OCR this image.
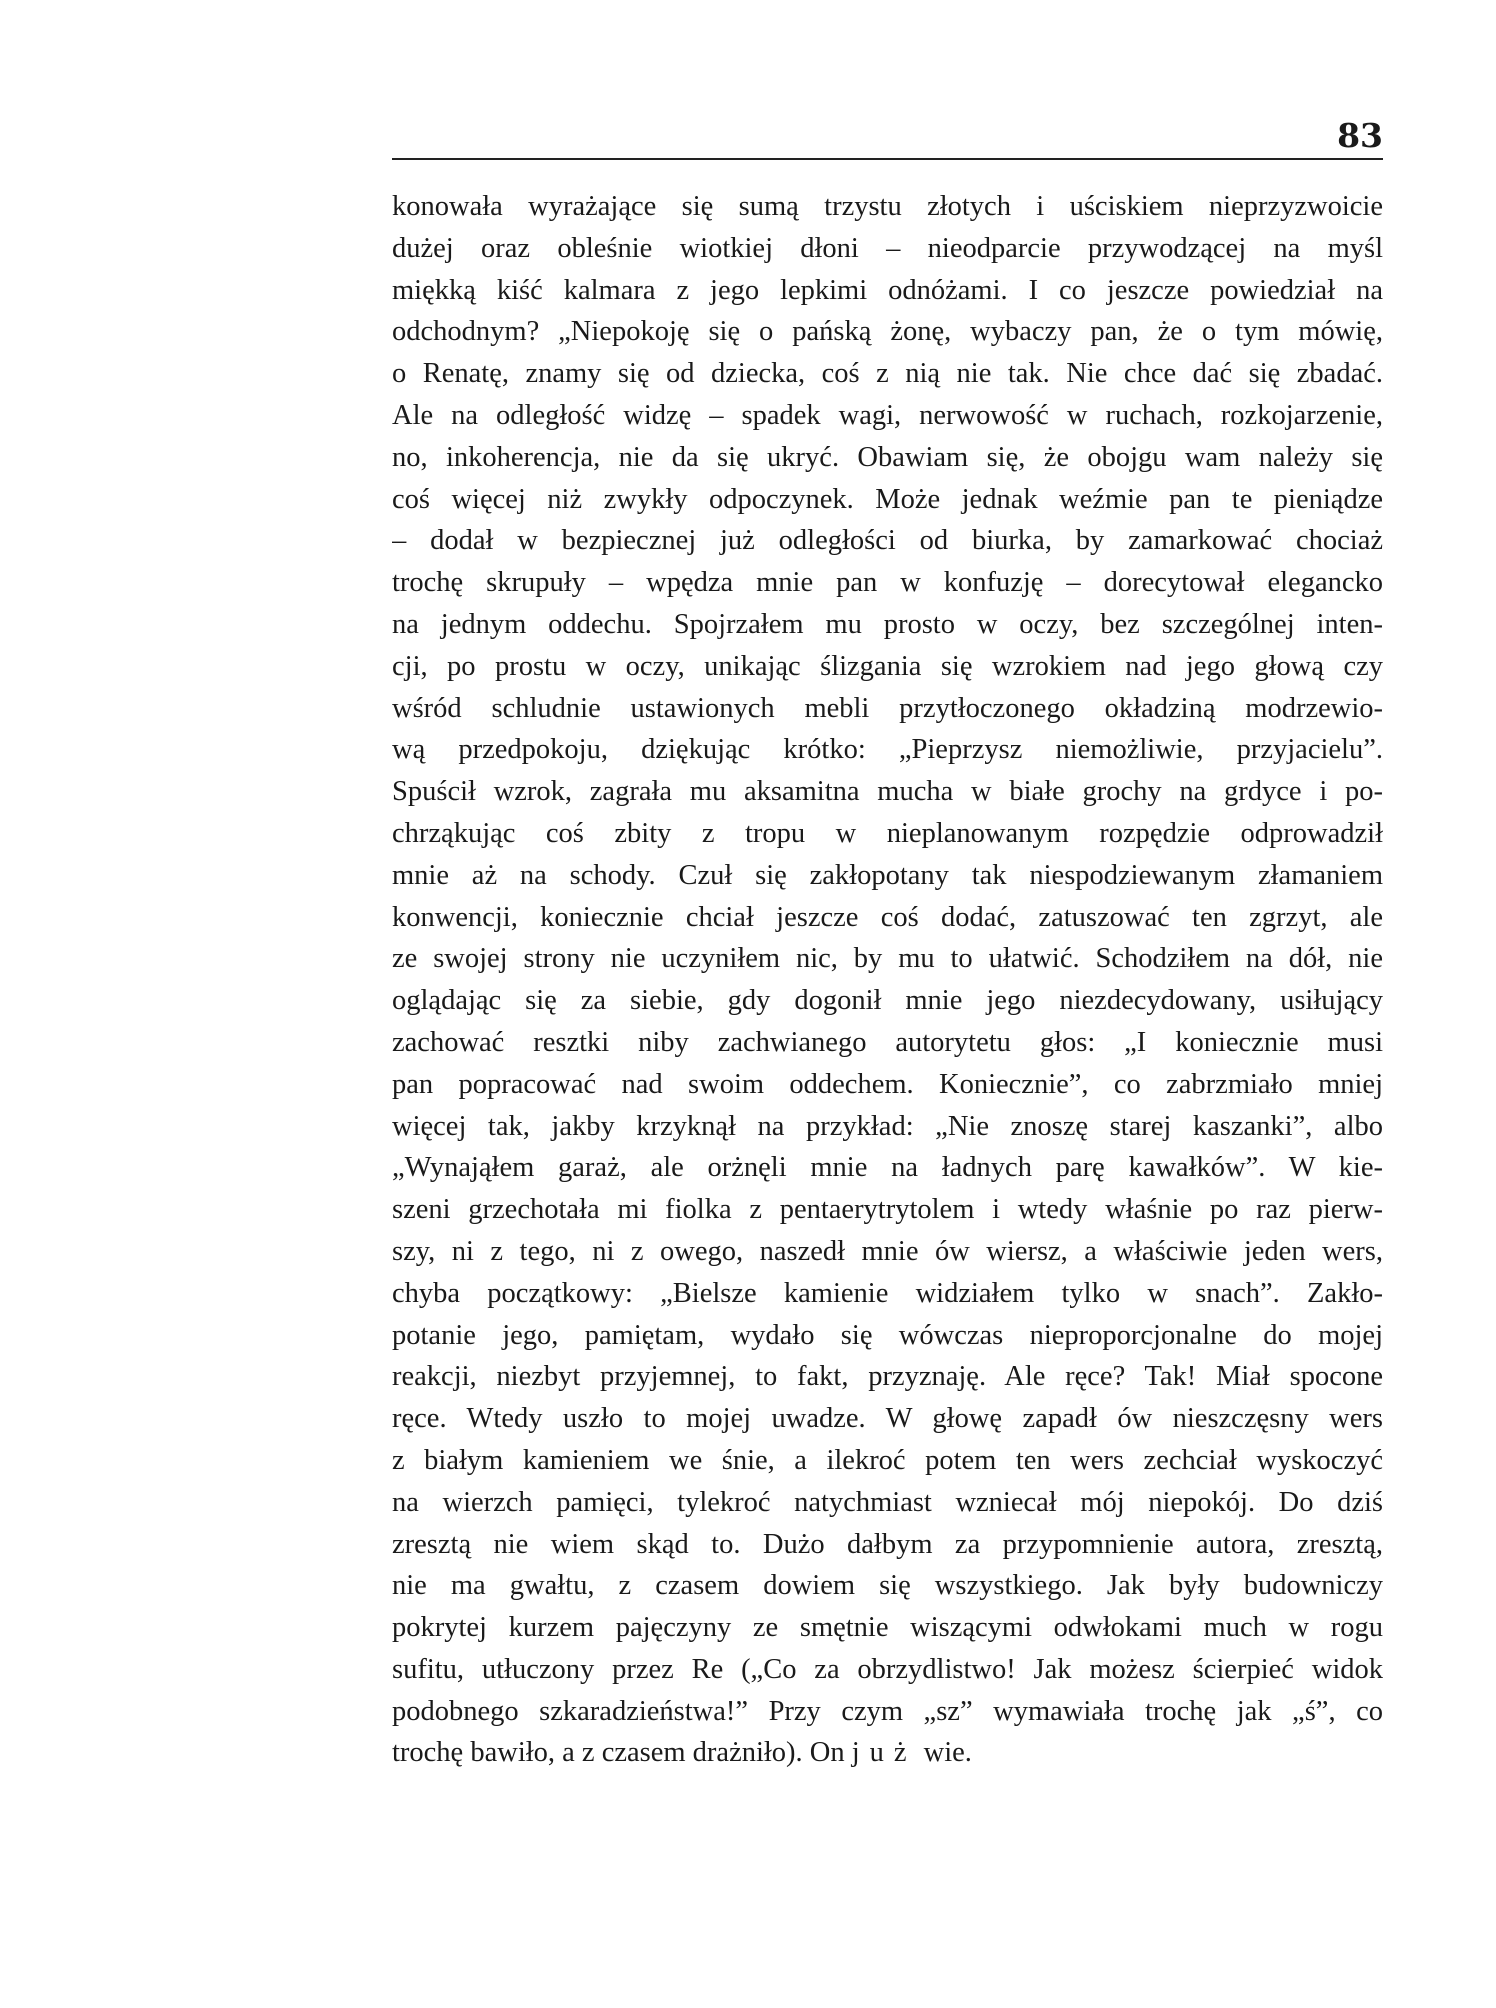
83
konowała wyrażające się sumą trzystu złotych i uściskiem nieprzyzwoicie
dużej oraz obleśnie wiotkiej dłoni – nieodparcie przywodzącej na myśl
miękką kiść kalmara z jego lepkimi odnóżami. I co jeszcze powiedział na
odchodnym? „Niepokoję się o pańską żonę, wybaczy pan, że o tym mówię,
o Renatę, znamy się od dziecka, coś z nią nie tak. Nie chce dać się zbadać.
Ale na odległość widzę – spadek wagi, nerwowość w ruchach, rozkojarzenie,
no, inkoherencja, nie da się ukryć. Obawiam się, że obojgu wam należy się
coś więcej niż zwykły odpoczynek. Może jednak weźmie pan te pieniądze
– dodał w bezpiecznej już odległości od biurka, by zamarkować chociaż
trochę skrupuły – wpędza mnie pan w konfuzję – dorecytował elegancko
na jednym oddechu. Spojrzałem mu prosto w oczy, bez szczególnej inten-
cji, po prostu w oczy, unikając ślizgania się wzrokiem nad jego głową czy
wśród schludnie ustawionych mebli przytłoczonego okładziną modrzewio-
wą przedpokoju, dziękując krótko: „Pieprzysz niemożliwie, przyjacielu”.
Spuścił wzrok, zagrała mu aksamitna mucha w białe grochy na grdyce i po-
chrząkując coś zbity z tropu w nieplanowanym rozpędzie odprowadził
mnie aż na schody. Czuł się zakłopotany tak niespodziewanym złamaniem
konwencji, koniecznie chciał jeszcze coś dodać, zatuszować ten zgrzyt, ale
ze swojej strony nie uczyniłem nic, by mu to ułatwić. Schodziłem na dół, nie
oglądając się za siebie, gdy dogonił mnie jego niezdecydowany, usiłujący
zachować resztki niby zachwianego autorytetu głos: „I koniecznie musi
pan popracować nad swoim oddechem. Koniecznie”, co zabrzmiało mniej
więcej tak, jakby krzyknął na przykład: „Nie znoszę starej kaszanki”, albo
„Wynająłem garaż, ale orżnęli mnie na ładnych parę kawałków”. W kie-
szeni grzechotała mi fiolka z pentaerytrytolem i wtedy właśnie po raz pierw-
szy, ni z tego, ni z owego, naszedł mnie ów wiersz, a właściwie jeden wers,
chyba początkowy: „Bielsze kamienie widziałem tylko w snach”. Zakło-
potanie jego, pamiętam, wydało się wówczas nieproporcjonalne do mojej
reakcji, niezbyt przyjemnej, to fakt, przyznaję. Ale ręce? Tak! Miał spocone
ręce. Wtedy uszło to mojej uwadze. W głowę zapadł ów nieszczęsny wers
z białym kamieniem we śnie, a ilekroć potem ten wers zechciał wyskoczyć
na wierzch pamięci, tylekroć natychmiast wzniecał mój niepokój. Do dziś
zresztą nie wiem skąd to. Dużo dałbym za przypomnienie autora, zresztą,
nie ma gwałtu, z czasem dowiem się wszystkiego. Jak były budowniczy
pokrytej kurzem pajęczyny ze smętnie wiszącymi odwłokami much w rogu
sufitu, utłuczony przez Re („Co za obrzydlistwo! Jak możesz ścierpieć widok
podobnego szkaradzieństwa!” Przy czym „sz” wymawiała trochę jak „ś”, co
trochę bawiło, a z czasem drażniło). On już wie.
